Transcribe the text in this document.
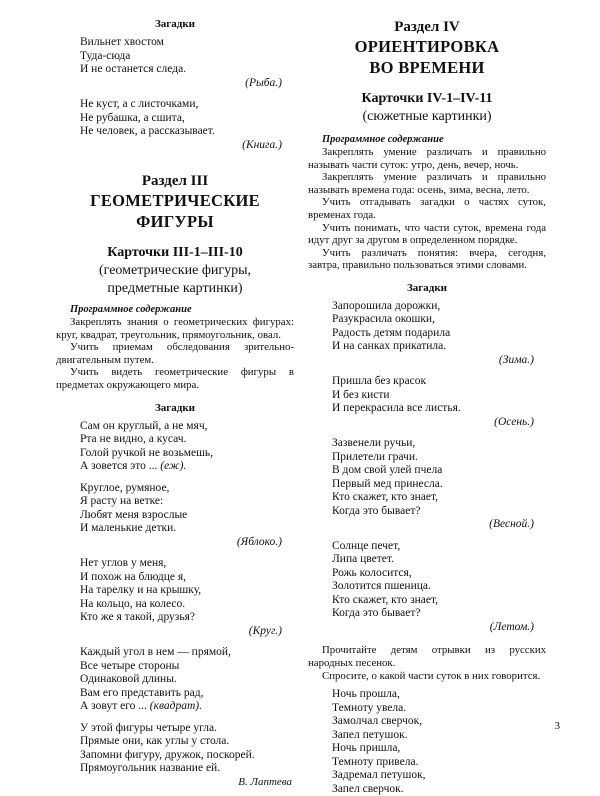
Загадки
Вильнет хвостом
Туда-сюда
И не останется следа.
(Рыба.)
Не куст, а с листочками,
Не рубашка, а сшита,
Не человек, а рассказывает.
(Книга.)
Раздел III
ГЕОМЕТРИЧЕСКИЕ
ФИГУРЫ
Карточки III-1–III-10
(геометрические фигуры,
предметные картинки)
Программное содержание

Закреплять знания о геометрических фигурах: круг, квадрат, треугольник, прямоугольник, овал.

Учить приемам обследования зрительно-двигательным путем.

Учить видеть геометрические фигуры в предметах окружающего мира.

Загадки
Сам он круглый, а не мяч,
Рта не видно, а кусач.
Голой ручкой не возьмешь,
А зовется это ... (еж).
Круглое, румяное,
Я расту на ветке:
Любят меня взрослые
И маленькие детки.
(Яблоко.)
Нет углов у меня,
И похож на блюдце я,
На тарелку и на крышку,
На кольцо, на колесо.
Кто же я такой, друзья?
(Круг.)
Каждый угол в нем — прямой,
Все четыре стороны
Одинаковой длины.
Вам его представить рад,
А зовут его ... (квадрат).
У этой фигуры четыре угла.
Прямые они, как углы у стола.
Запомни фигуру, дружок, поскорей.
Прямоугольник название ей.
В. Лаптева
Раздел IV
ОРИЕНТИРОВКА
ВО ВРЕМЕНИ
Карточки IV-1–IV-11
(сюжетные картинки)
Программное содержание

Закреплять умение различать и правильно называть части суток: утро, день, вечер, ночь.

Закреплять умение различать и правильно называть времена года: осень, зима, весна, лето.

Учить отгадывать загадки о частях суток, временах года.

Учить понимать, что части суток, времена года идут друг за другом в определенном порядке.

Учить различать понятия: вчера, сегодня, завтра, правильно пользоваться этими словами.

Загадки
Запорошила дорожки,
Разукрасила окошки,
Радость детям подарила
И на санках прикатила.
(Зима.)
Пришла без красок
И без кисти
И перекрасила все листья.
(Осень.)
Зазвенели ручьи,
Прилетели грачи.
В дом свой улей пчела
Первый мед принесла.
Кто скажет, кто знает,
Когда это бывает?
(Весной.)
Солнце печет,
Липа цветет.
Рожь колосится,
Золотится пшеница.
Кто скажет, кто знает,
Когда это бывает?
(Летом.)

Прочитайте детям отрывки из русских народных песенок.

Спросите, о какой части суток в них говорится.

Ночь прошла,
Темноту увела.
Замолчал сверчок,
Запел петушок.
Ночь пришла,
Темноту привела.
Задремал петушок,
Запел сверчок.
3
